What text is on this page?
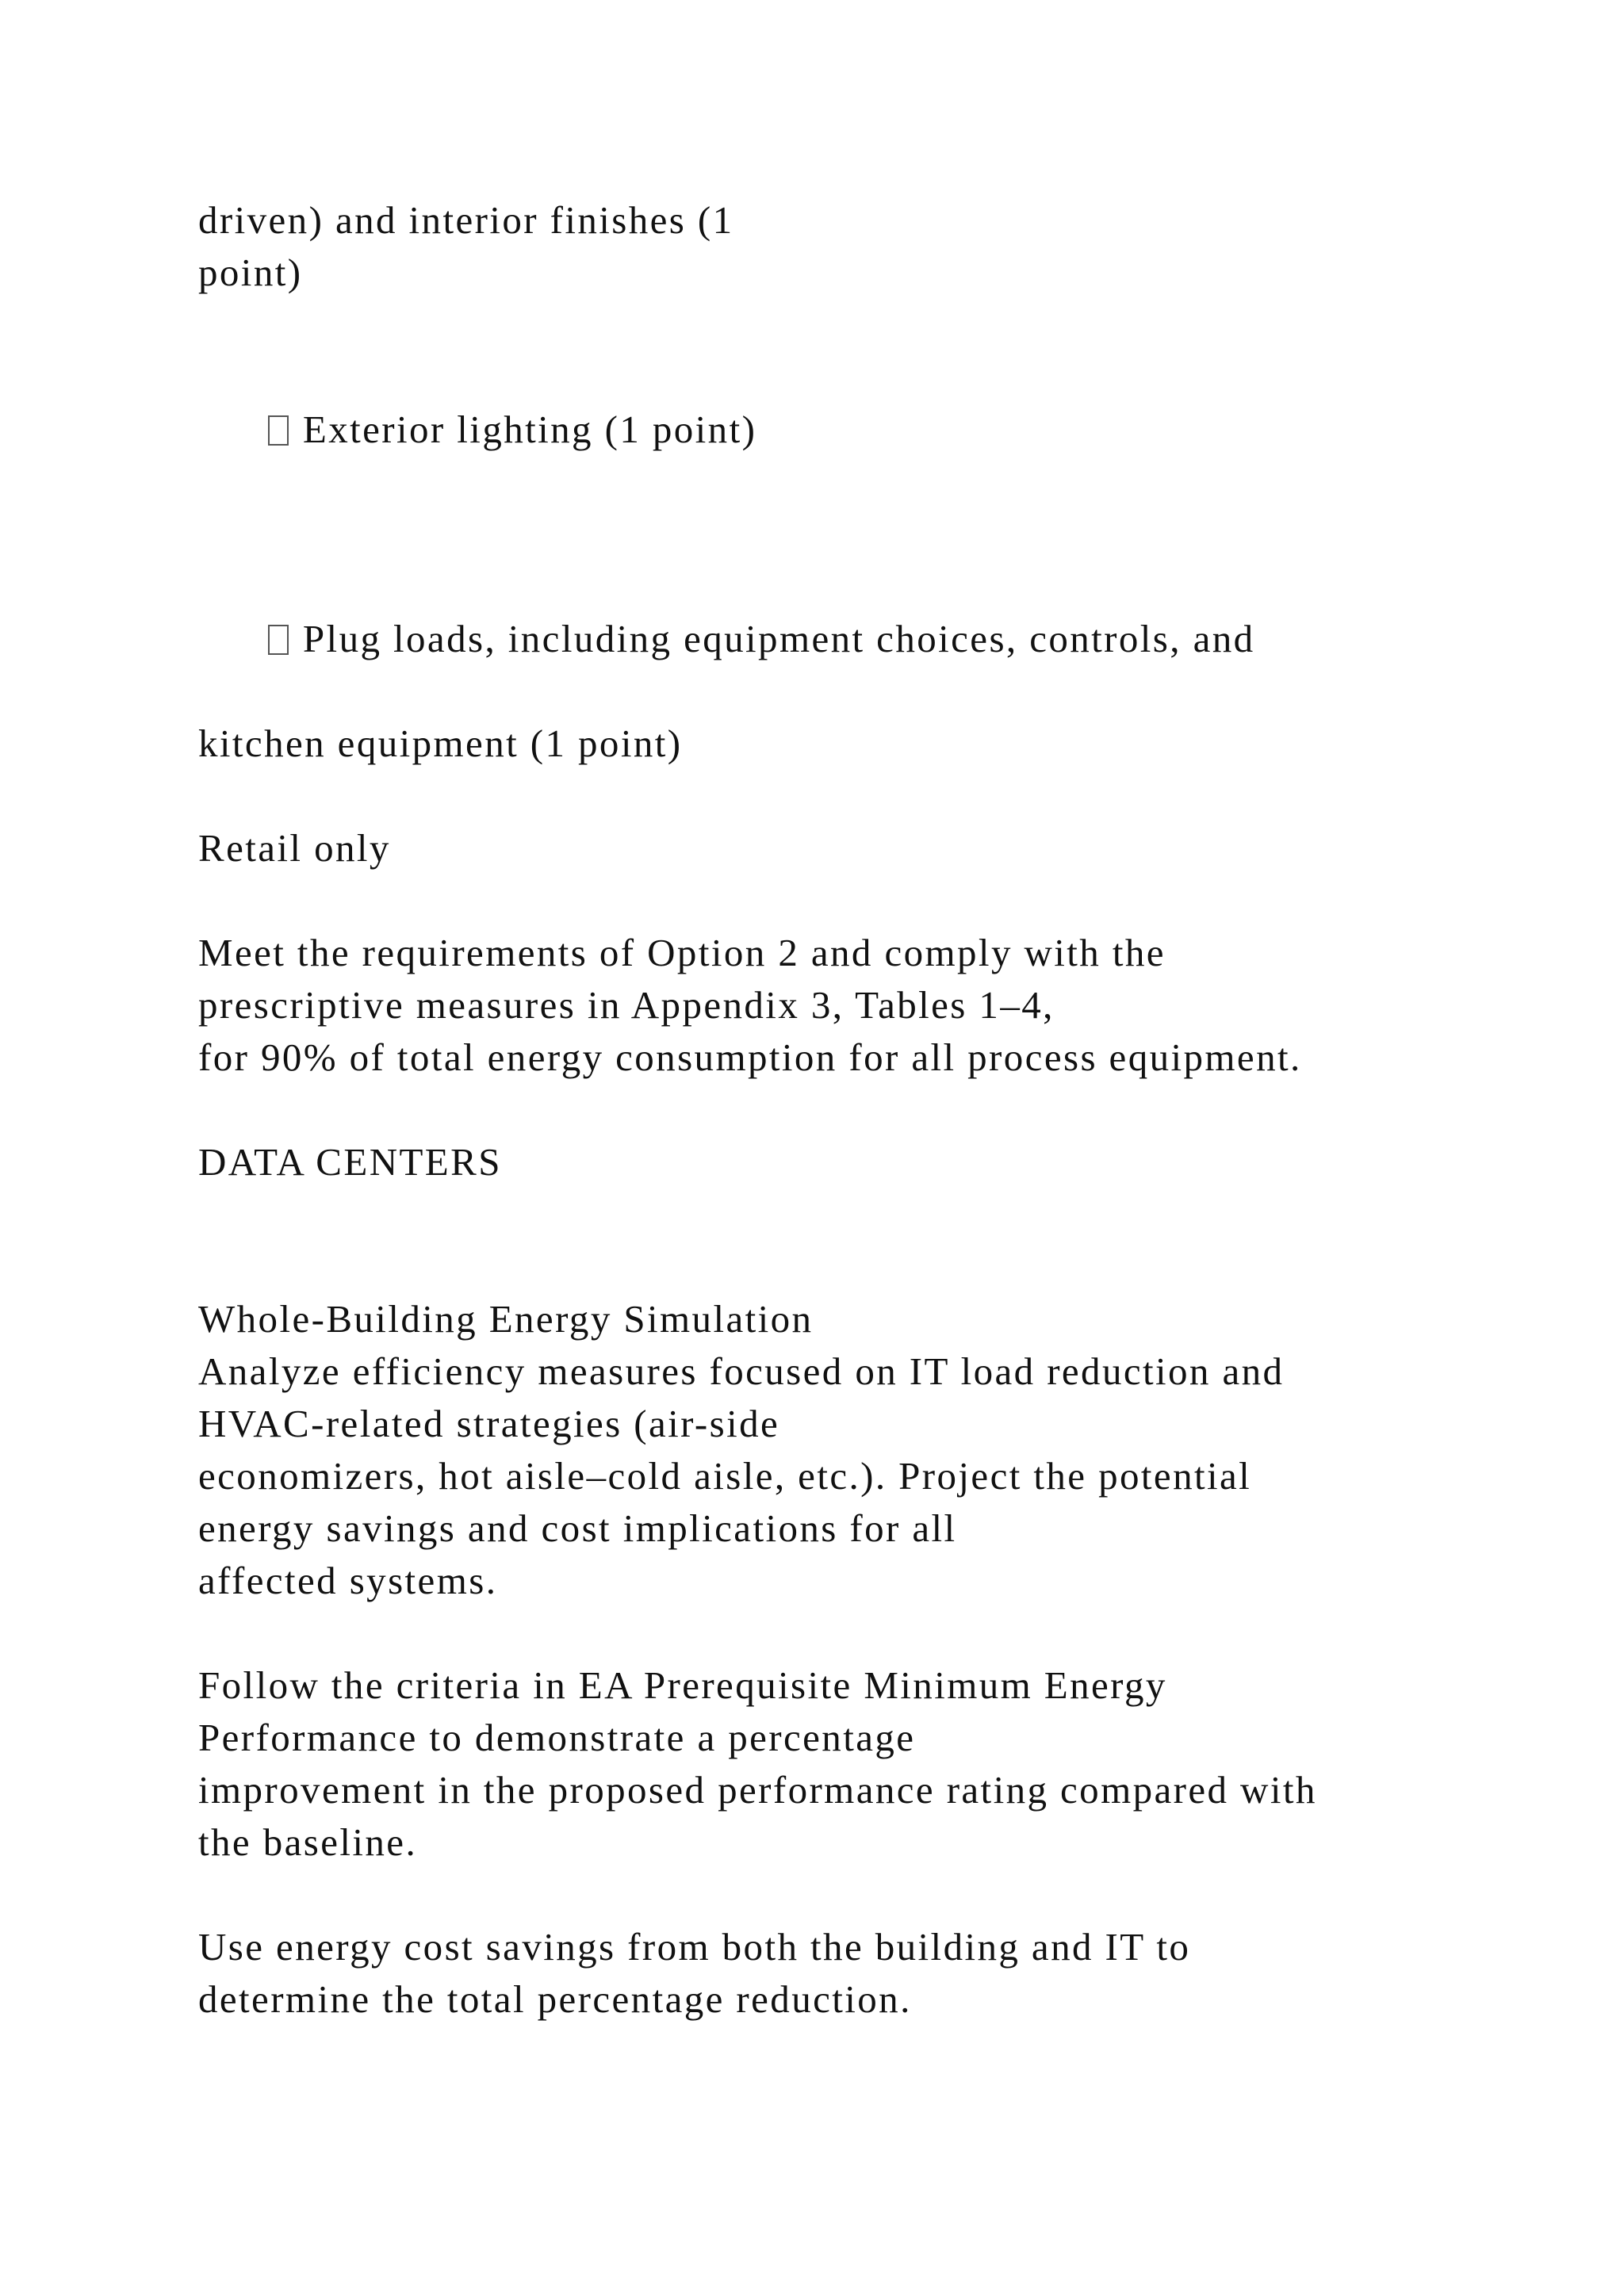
driven) and interior finishes (1
point)

Exterior lighting (1 point)

Plug loads, including equipment choices, controls, and

kitchen equipment (1 point)
Retail only
Meet the requirements of Option 2 and comply with the
prescriptive measures in Appendix 3, Tables 1–4,
for 90% of total energy consumption for all process equipment.
DATA CENTERS
Whole-Building Energy Simulation
Analyze efficiency measures focused on IT load reduction and
HVAC-related strategies (air-side
economizers, hot aisle–cold aisle, etc.). Project the potential
energy savings and cost implications for all
affected systems.
Follow the criteria in EA Prerequisite Minimum Energy
Performance to demonstrate a percentage
improvement in the proposed performance rating compared with
the baseline.
Use energy cost savings from both the building and IT to
determine the total percentage reduction.
